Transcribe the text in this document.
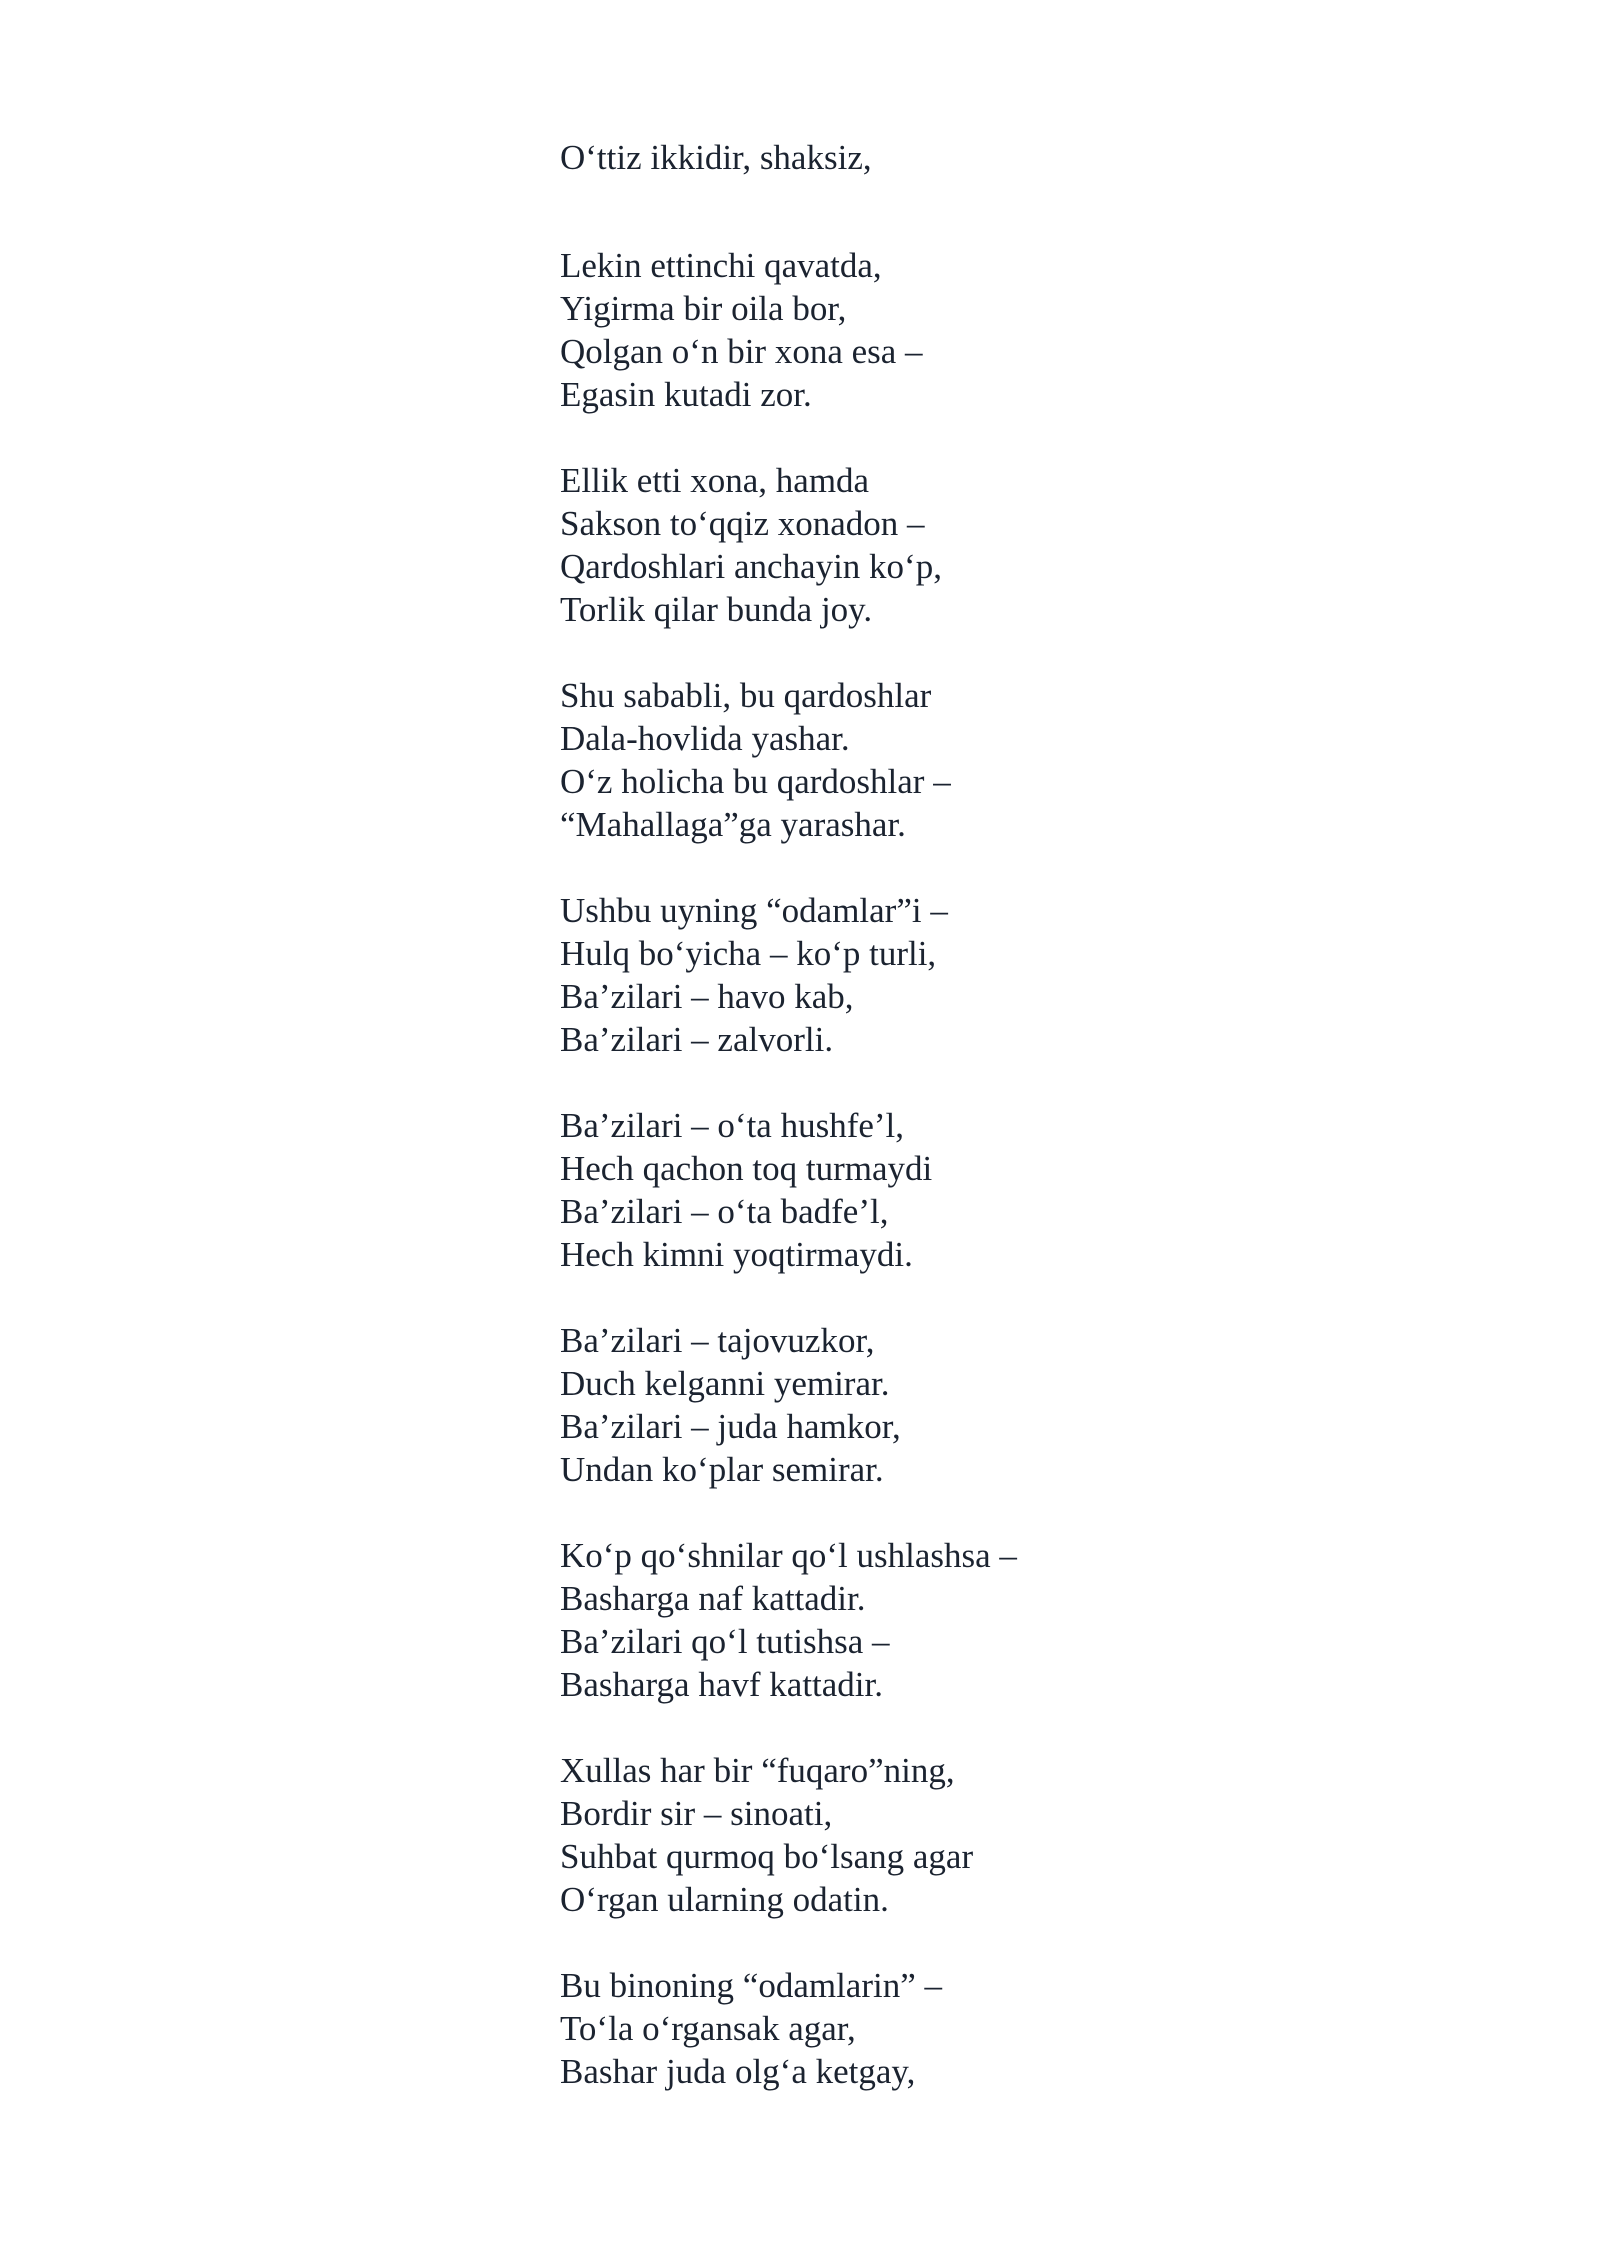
O‘ttiz ikkidir, shaksiz,
Lekin ettinchi qavatda,
Yigirma bir oila bor,
Qolgan o‘n bir xona esa –
Egasin kutadi zor.
Ellik etti xona, hamda
Sakson to‘qqiz xonadon –
Qardoshlari anchayin ko‘p,
Torlik qilar bunda joy.
Shu sababli, bu qardoshlar
Dala-hovlida yashar.
O‘z holicha bu qardoshlar –
“Mahallaga”ga yarashar.
Ushbu uyning “odamlar”i –
Hulq bo‘yicha – ko‘p turli,
Ba’zilari – havo kab,
Ba’zilari – zalvorli.
Ba’zilari – o‘ta hushfe’l,
Hech qachon toq turmaydi
Ba’zilari – o‘ta badfe’l,
Hech kimni yoqtirmaydi.
Ba’zilari – tajovuzkor,
Duch kelganni yemirar.
Ba’zilari – juda hamkor,
Undan ko‘plar semirar.
Ko‘p qo‘shnilar qo‘l ushlashsa –
Basharga naf kattadir.
Ba’zilari qo‘l tutishsa –
Basharga havf kattadir.
Xullas har bir “fuqaro”ning,
Bordir sir – sinoati,
Suhbat qurmoq bo‘lsang agar
O‘rgan ularning odatin.
Bu binoning “odamlarin” –
To‘la o‘rgansak agar,
Bashar juda olg‘a ketgay,
